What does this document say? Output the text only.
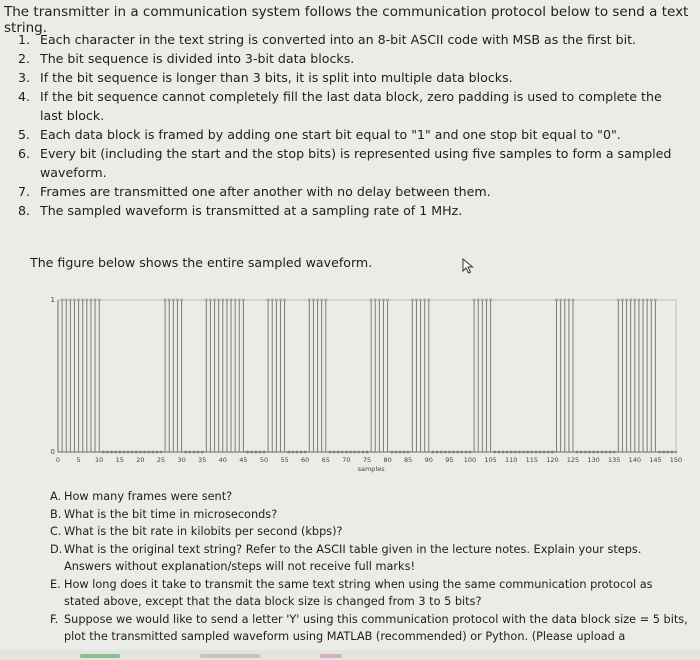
The transmitter in a communication system follows the communication protocol below to send a text string.
1. Each character in the text string is converted into an 8-bit ASCII code with MSB as the first bit.
2. The bit sequence is divided into 3-bit data blocks.
3. If the bit sequence is longer than 3 bits, it is split into multiple data blocks.
4. If the bit sequence cannot completely fill the last data block, zero padding is used to complete the last block.
5. Each data block is framed by adding one start bit equal to "1" and one stop bit equal to "0".
6. Every bit (including the start and the stop bits) is represented using five samples to form a sampled waveform.
7. Frames are transmitted one after another with no delay between them.
8. The sampled waveform is transmitted at a sampling rate of 1 MHz.
The figure below shows the entire sampled waveform.
0
1
0	5 10 15 20 25 30 35 40 45 50 55 60 65 70 75 80 85 90 95 100 105 110 115 120 125 130 135 140 145 150
samples
A. How many frames were sent?
B. What is the bit time in microseconds?
C. What is the bit rate in kilobits per second (kbps)?
D. What is the original text string? Refer to the ASCII table given in the lecture notes. Explain your steps. Answers without explanation/steps will not receive full marks!
E. How long does it take to transmit the same text string when using the same communication protocol as stated above, except that the data block size is changed from 3 to 5 bits?
F. Suppose we would like to send a letter 'Y' using this communication protocol with the data block size = 5 bits, plot the transmitted sampled waveform using MATLAB (recommended) or Python. (Please upload a
